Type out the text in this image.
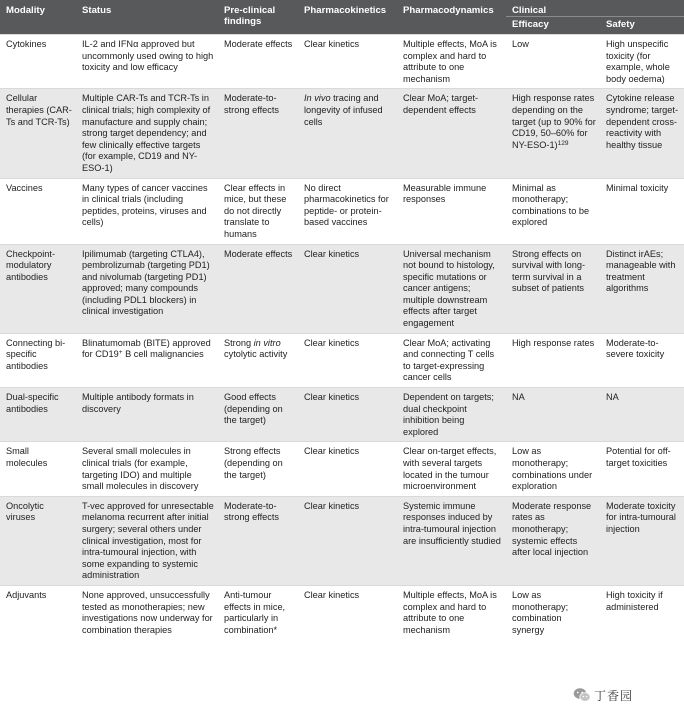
Modality	Status	Pre-clinical findings	Pharmacokinetics	Pharmacodynamics	Clinical	
					Efficacy	Safety
Cytokines	IL-2 and IFNα approved but uncommonly used owing to high toxicity and low efficacy	Moderate effects	Clear kinetics	Multiple effects, MoA is complex and hard to attribute to one mechanism	Low	High unspecific toxicity (for example, whole body oedema)
Cellular therapies (CAR-Ts and TCR-Ts)	Multiple CAR-Ts and TCR-Ts in clinical trials; high complexity of manufacture and supply chain; strong target dependency; and few clinically effective targets (for example, CD19 and NY-ESO-1)	Moderate-to-strong effects	In vivo tracing and longevity of infused cells	Clear MoA; target-dependent effects	High response rates depending on the target (up to 90% for CD19, 50–60% for NY-ESO-1)$^{129}$	Cytokine release syndrome; target-dependent cross-reactivity with healthy tissue
Vaccines	Many types of cancer vaccines in clinical trials (including peptides, proteins, viruses and cells)	Clear effects in mice, but these do not directly translate to humans	No direct pharmacokinetics for peptide- or protein-based vaccines	Measurable immune responses	Minimal as monotherapy; combinations to be explored	Minimal toxicity
Checkpoint-modulatory antibodies	Ipilimumab (targeting CTLA4), pembrolizumab (targeting PD1) and nivolumab (targeting PD1) approved; many compounds (including PDL1 blockers) in clinical investigation	Moderate effects	Clear kinetics	Universal mechanism not bound to histology, specific mutations or cancer antigens; multiple downstream effects after target engagement	Strong effects on survival with long-term survival in a subset of patients	Distinct irAEs; manageable with treatment algorithms
Connecting bi-specific antibodies	Blinatumomab (BITE) approved for CD19+ B cell malignancies	Strong in vitro cytolytic activity	Clear kinetics	Clear MoA; activating and connecting T cells to target-expressing cancer cells	High response rates	Moderate-to-severe toxicity
Dual-specific antibodies	Multiple antibody formats in discovery	Good effects (depending on the target)	Clear kinetics	Dependent on targets; dual checkpoint inhibition being explored	NA	NA
Small molecules	Several small molecules in clinical trials (for example, targeting IDO) and multiple small molecules in discovery	Strong effects (depending on the target)	Clear kinetics	Clear on-target effects, with several targets located in the tumour microenvironment	Low as monotherapy; combinations under exploration	Potential for off-target toxicities
Oncolytic viruses	T-vec approved for unresectable melanoma recurrent after initial surgery; several others under clinical investigation, most for intra-tumoural injection, with some expanding to systemic administration	Moderate-to-strong effects	Clear kinetics	Systemic immune responses induced by intra-tumoural injection are insufficiently studied	Moderate response rates as monotherapy; systemic effects after local injection	Moderate toxicity for intra-tumoural injection
Adjuvants	None approved, unsuccessfully tested as monotherapies; new investigations now underway for combination therapies	Anti-tumour effects in mice, particularly in combination*	Clear kinetics	Multiple effects, MoA is complex and hard to attribute to one mechanism	Low as monotherapy; combination synergy	High toxicity if administered
丁香园
